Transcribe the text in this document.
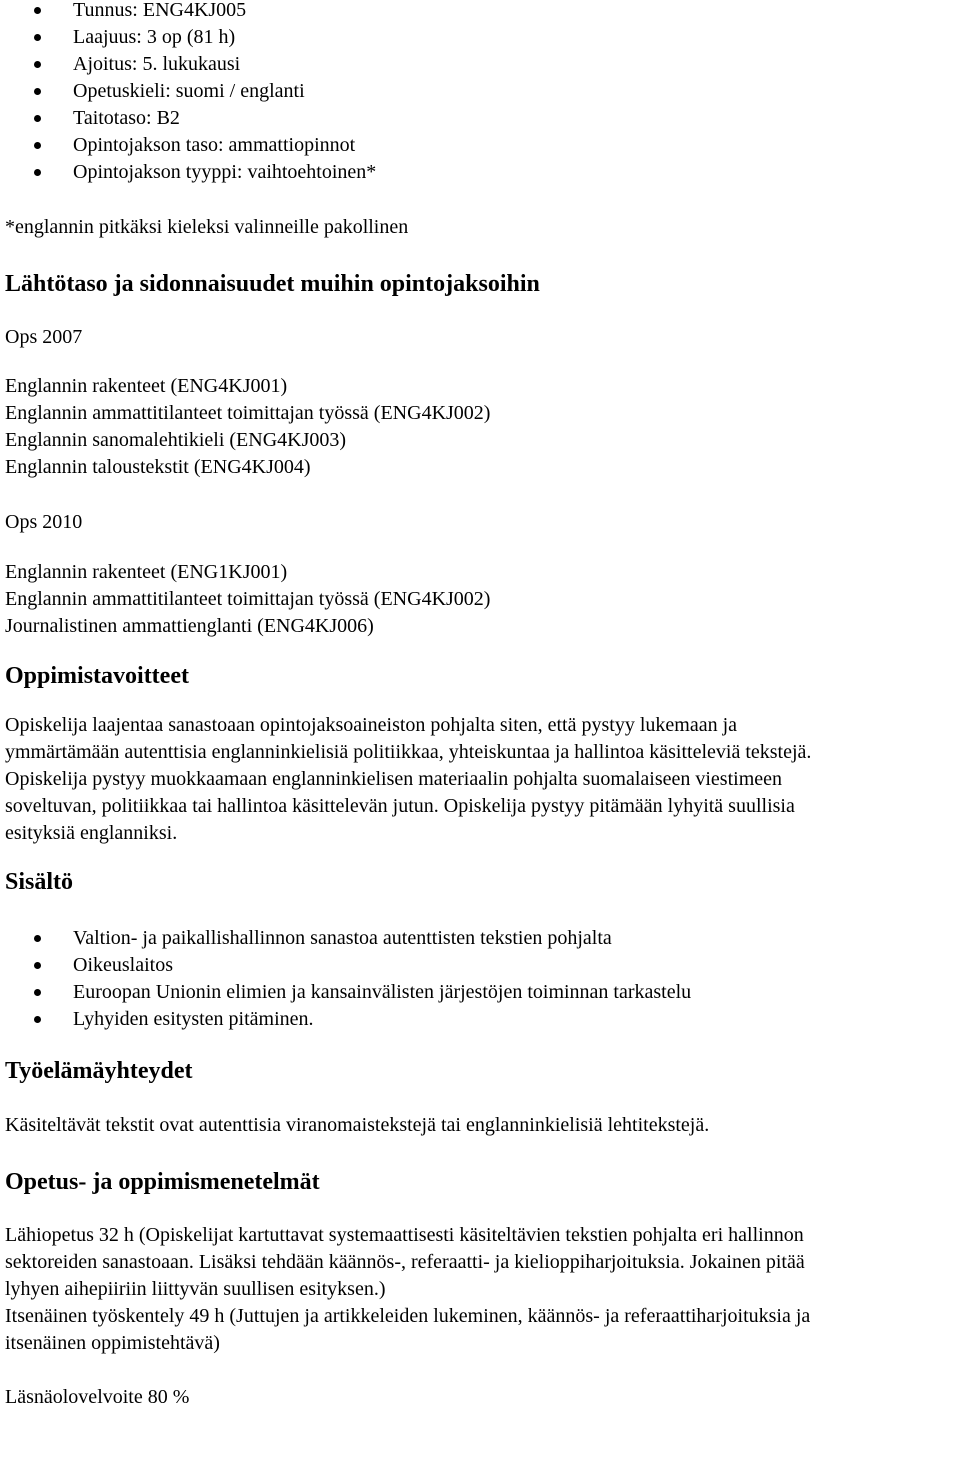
Tunnus: ENG4KJ005
Laajuus: 3 op (81 h)
Ajoitus: 5. lukukausi
Opetuskieli: suomi / englanti
Taitotaso: B2
Opintojakson taso: ammattiopinnot
Opintojakson tyyppi: vaihtoehtoinen*
*englannin pitkäksi kieleksi valinneille pakollinen
Lähtötaso ja sidonnaisuudet muihin opintojaksoihin
Ops 2007
Englannin rakenteet (ENG4KJ001)
Englannin ammattitilanteet toimittajan työssä (ENG4KJ002)
Englannin sanomalehtikieli (ENG4KJ003)
Englannin taloustekstit (ENG4KJ004)
Ops 2010
Englannin rakenteet (ENG1KJ001)
Englannin ammattitilanteet toimittajan työssä (ENG4KJ002)
Journalistinen ammattienglanti (ENG4KJ006)
Oppimistavoitteet
Opiskelija laajentaa sanastoaan opintojaksoaineiston pohjalta siten, että pystyy lukemaan ja
ymmärtämään autenttisia englanninkielisiä politiikkaa, yhteiskuntaa ja hallintoa käsitteleviä tekstejä.
Opiskelija pystyy muokkaamaan englanninkielisen materiaalin pohjalta suomalaiseen viestimeen
soveltuvan, politiikkaa tai hallintoa käsittelevän jutun. Opiskelija pystyy pitämään lyhyitä suullisia
esityksiä englanniksi.
Sisältö
Valtion- ja paikallishallinnon sanastoa autenttisten tekstien pohjalta
Oikeuslaitos
Euroopan Unionin elimien ja kansainvälisten järjestöjen toiminnan tarkastelu
Lyhyiden esitysten pitäminen.
Työelämäyhteydet
Käsiteltävät tekstit ovat autenttisia viranomaistekstejä tai englanninkielisiä lehtitekstejä.
Opetus- ja oppimismenetelmät
Lähiopetus 32 h (Opiskelijat kartuttavat systemaattisesti käsiteltävien tekstien pohjalta eri hallinnon
sektoreiden sanastoaan. Lisäksi tehdään käännös-, referaatti- ja kielioppiharjoituksia. Jokainen pitää
lyhyen aihepiiriin liittyvän suullisen esityksen.)
Itsenäinen työskentely 49 h (Juttujen ja artikkeleiden lukeminen, käännös- ja referaattiharjoituksia ja
itsenäinen oppimistehtävä)
Läsnäolovelvoite 80 %
